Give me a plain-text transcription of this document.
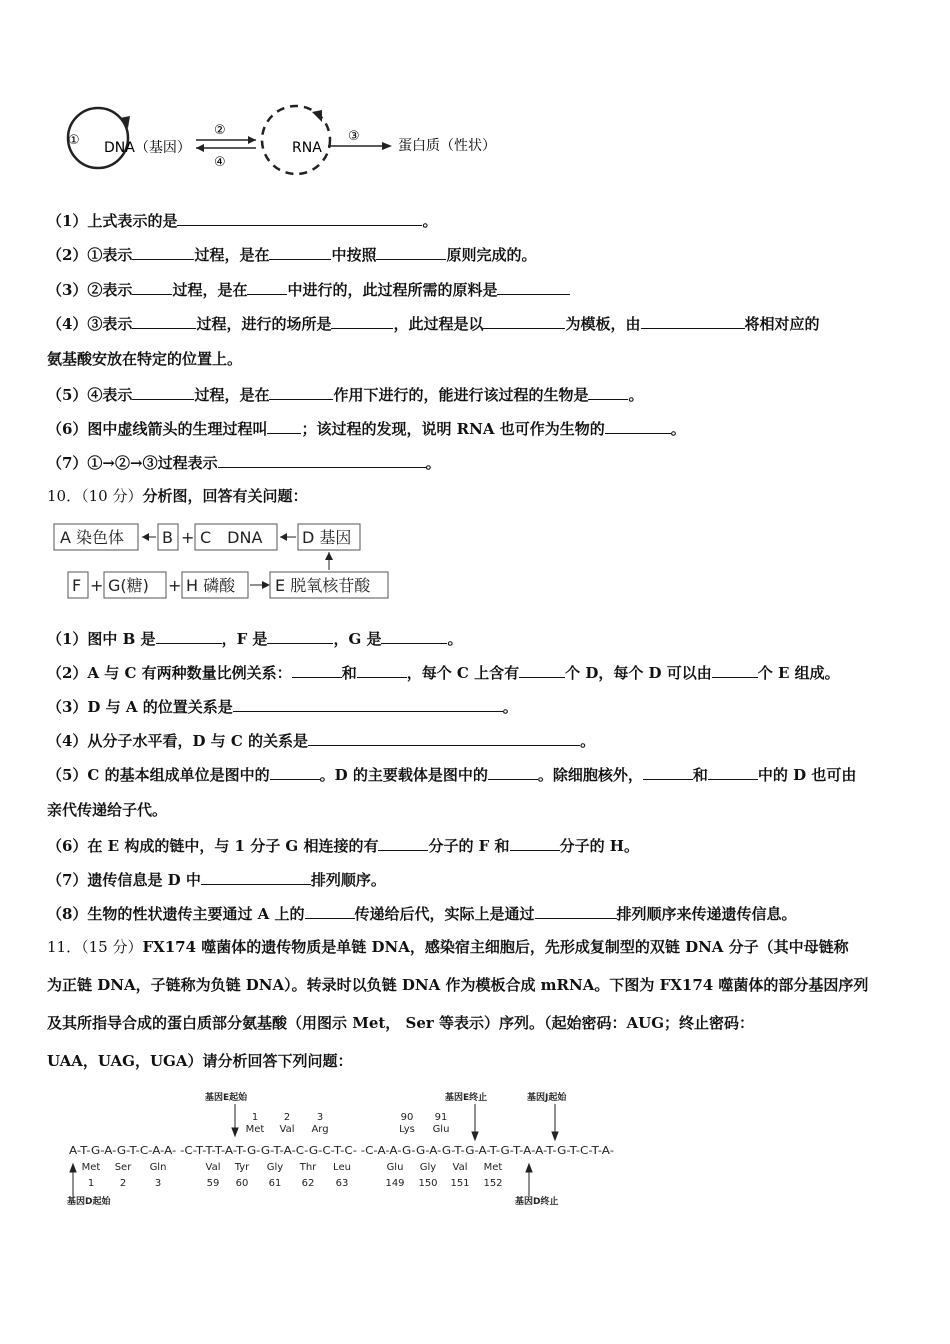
① DNA（基因）
②
④
RNA
③
蛋白质（性状）
（1）上式表示的是	。
（2）①表示	过程，是在	中按照	原则完成的。
（3）②表示	过程，是在	中进行的，此过程所需的原料是
（4）③表示	过程，进行的场所是	，此过程是以	为模板，由	将相对应的
氨基酸安放在特定的位置上。
（5）④表示	过程，是在	作用下进行的，能进行该过程的生物是	。
（6）图中虚线箭头的生理过程叫 ；该过程的发现，说明 RNA 也可作为生物的	。
（7）①→②→③过程表示	。
10．（10 分）分析图，回答有关问题：
A 染色体 B + C　DNA D 基因
F + G(糖) + H 磷酸 E 脱氧核苷酸
（1）图中 B 是	，F 是	，G 是	。
（2）A 与 C 有两种数量比例关系：	和	，每个 C 上含有	个 D，每个 D 可以由	个 E 组成。
（3）D 与 A 的位置关系是	。
（4）从分子水平看，D 与 C 的关系是	。
（5）C 的基本组成单位是图中的	。D 的主要载体是图中的	。除细胞核外，	和	中的 D 也可由
亲代传递给子代。
（6）在 E 构成的链中，与 1 分子 G 相连接的有	分子的 F 和	分子的 H。
（7）遗传信息是 D 中	排列顺序。
（8）生物的性状遗传主要通过 A 上的	传递给后代，实际上是通过	排列顺序来传递遗传信息。
11．（15 分）FX174 噬菌体的遗传物质是单链 DNA，感染宿主细胞后，先形成复制型的双链 DNA 分子（其中母链称
为正链 DNA，子链称为负链 DNA）。转录时以负链 DNA 作为模板合成 mRNA。下图为 FX174 噬菌体的部分基因序列
及其所指导合成的蛋白质部分氨基酸（用图示 Met， Ser 等表示）序列。（起始密码：AUG；终止密码：
UAA，UAG，UGA）请分析回答下列问题：
基因E起始	基因E终止	基因J起始
基因D起始	基因D终止
1	2	3	90 91
Met Val Arg	Lys Glu
A-T-G-A-G-T-C-A-A- -C-T-T-T-A-T-G-G-T-A-C-G-C-T-C- -C-A-A-G-G-A-G-T-G-A-T-G-T-A-A-T-G-T-C-T-A-
Met Ser Gln	Val Tyr Gly Thr Leu	Glu Gly Val Met
1	2	3	59 60 61 62 63	149 150 151 152
